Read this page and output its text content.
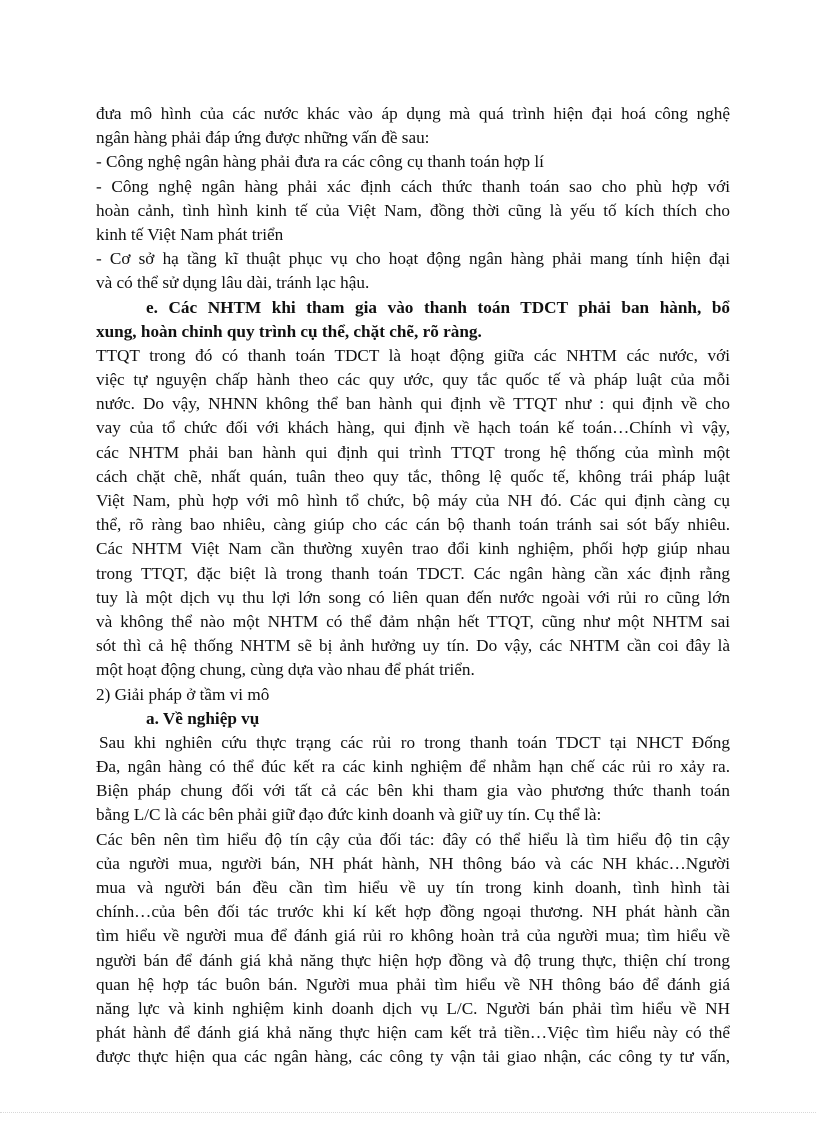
đưa mô hình của các nước khác vào áp dụng mà quá trình hiện đại hoá công nghệ
ngân hàng phải đáp ứng được những vấn đề sau:
- Công nghệ ngân hàng phải đưa ra các công cụ thanh toán hợp lí
- Công nghệ ngân hàng phải xác định cách thức thanh toán sao cho phù hợp với
hoàn cảnh, tình hình kinh tế của Việt Nam, đồng thời cũng là yếu tố kích thích cho
kinh tế Việt Nam phát triển
- Cơ sở hạ tầng kĩ thuật phục vụ cho hoạt động ngân hàng phải mang tính hiện đại
và có thể sử dụng lâu dài, tránh lạc hậu.
e. Các NHTM khi tham gia vào thanh toán TDCT phải ban hành, bổ
xung, hoàn chỉnh quy trình cụ thể, chặt chẽ, rõ ràng.
TTQT trong đó có thanh toán TDCT là hoạt động giữa các NHTM các nước, với
việc tự nguyện chấp hành theo các quy ước, quy tắc quốc tế và pháp luật của mỗi
nước. Do vậy, NHNN không thể ban hành qui định về TTQT như : qui định về cho
vay của tổ chức đối với khách hàng, qui định về hạch toán kế toán…Chính vì vậy,
các NHTM phải ban hành qui định qui trình TTQT trong hệ thống của mình một
cách chặt chẽ, nhất quán, tuân theo quy tắc, thông lệ quốc tế, không trái pháp luật
Việt Nam, phù hợp với mô hình tổ chức, bộ máy của NH đó. Các qui định càng cụ
thể, rõ ràng bao nhiêu, càng giúp cho các cán bộ thanh toán tránh sai sót bấy nhiêu.
Các NHTM Việt Nam cần thường xuyên trao đổi kinh nghiệm, phối hợp giúp nhau
trong TTQT, đặc biệt là trong thanh toán TDCT. Các ngân hàng cần xác định rằng
tuy là một dịch vụ thu lợi lớn song có liên quan đến nước ngoài với rủi ro cũng lớn
và không thể nào một NHTM có thể đảm nhận hết TTQT, cũng như một NHTM sai
sót thì cả hệ thống NHTM sẽ bị ảnh hưởng uy tín. Do vậy, các NHTM cần coi đây là
một hoạt động chung, cùng dựa vào nhau để phát triển.
2) Giải pháp ở tầm vi mô
a. Về nghiệp vụ
Sau khi nghiên cứu thực trạng các rủi ro trong thanh toán TDCT tại NHCT Đống
Đa, ngân hàng có thể đúc kết ra các kinh nghiệm để nhằm hạn chế các rủi ro xảy ra.
Biện pháp chung đối với tất cả các bên khi tham gia vào phương thức thanh toán
bằng L/C là các bên phải giữ đạo đức kinh doanh và giữ uy tín. Cụ thể là:
Các bên nên tìm hiểu độ tín cậy của đối tác: đây có thể hiểu là tìm hiểu độ tin cậy
của người mua, người bán, NH phát hành, NH thông báo và các NH khác…Người
mua và người bán đều cần tìm hiểu về uy tín trong kinh doanh, tình hình tài
chính…của bên đối tác trước khi kí kết hợp đồng ngoại thương. NH phát hành cần
tìm hiểu về người mua để đánh giá rủi ro không hoàn trả của người mua; tìm hiểu về
người bán để đánh giá khả năng thực hiện hợp đồng và độ trung thực, thiện chí trong
quan hệ hợp tác buôn bán. Người mua phải tìm hiểu về NH thông báo để đánh giá
năng lực và kinh nghiệm kinh doanh dịch vụ L/C. Người bán phải tìm hiểu về NH
phát hành để đánh giá khả năng thực hiện cam kết trả tiền…Việc tìm hiểu này có thể
được thực hiện qua các ngân hàng, các công ty vận tải giao nhận, các công ty tư vấn,
